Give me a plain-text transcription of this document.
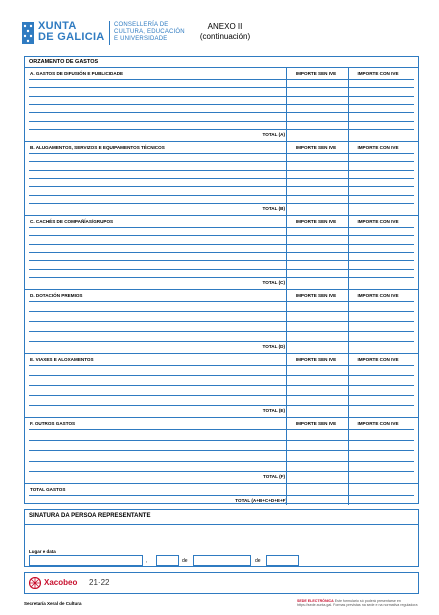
XUNTA
DE GALICIA
CONSELLERÍA DE
CULTURA, EDUCACIÓN
E UNIVERSIDADE
ANEXO II
(continuación)
ORZAMENTO DE GASTOS
A. GASTOS DE DIFUSIÓN E PUBLICIDADE	IMPORTE SEN IVE	IMPORTE CON IVE
TOTAL (A)
B. ALUGAMENTOS, SERVIZOS E EQUIPAMENTOS TÉCNICOS	IMPORTE SEN IVE	IMPORTE CON IVE
TOTAL (B)
C. CACHÉS DE COMPAÑÍAS/GRUPOS	IMPORTE SEN IVE	IMPORTE CON IVE
TOTAL (C)
D. DOTACIÓN PREMIOS	IMPORTE SEN IVE	IMPORTE CON IVE
TOTAL (D)
E. VIAXES E ALOXAMENTOS	IMPORTE SEN IVE	IMPORTE CON IVE
TOTAL (E)
F. OUTROS GASTOS	IMPORTE SEN IVE	IMPORTE CON IVE
TOTAL (F)
TOTAL GASTOS
TOTAL (A+B+C+D+E+F)
SINATURA DA PERSOA REPRESENTANTE
Lugar e data
,	de	de
Xacobeo 21·22
Secretaría Xeral de Cultura	SEDE ELECTRÓNICA Este formulario só poderá presentarse en https://sede.xunta.gal. Formas previstas na sede e na normativa reguladora
